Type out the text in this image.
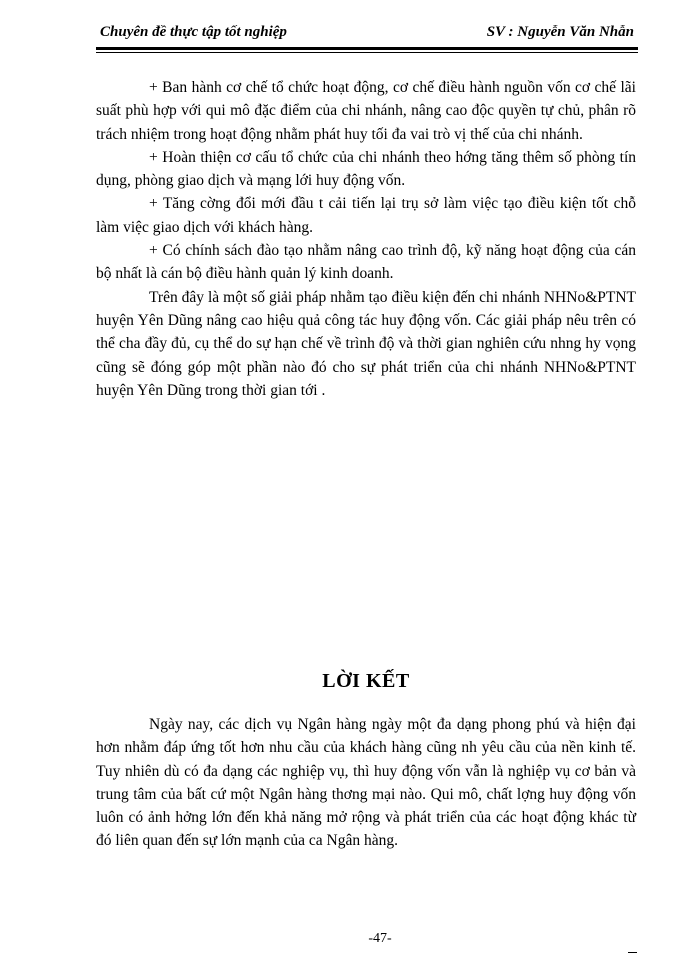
Chuyên đề thực tập tốt nghiệp	SV : Nguyễn Văn Nhẫn

+ Ban hành cơ chế tổ chức hoạt động, cơ chế điều hành nguồn vốn cơ chế lãi suất phù hợp với qui mô đặc điểm của chi nhánh, nâng cao độc quyền tự chủ, phân rõ trách nhiệm trong hoạt động nhằm phát huy tối đa vai trò vị thế của chi nhánh.

+ Hoàn thiện cơ cấu tổ chức của chi nhánh theo hớng tăng thêm số phòng tín dụng, phòng giao dịch và mạng lới huy động vốn.

+ Tăng cờng đổi mới đầu t cải tiến lại trụ sở làm việc tạo điều kiện tốt chỗ làm việc giao dịch với khách hàng.

+ Có chính sách đào tạo nhằm nâng cao trình độ, kỹ năng hoạt động của cán bộ nhất là cán bộ điều hành quản lý kinh doanh.

Trên đây là một số giải pháp nhằm tạo điều kiện đến chi nhánh NHNo&PTNT huyện Yên Dũng nâng cao hiệu quả công tác huy động vốn. Các giải pháp nêu trên có thể cha đầy đủ, cụ thể do sự hạn chế về trình độ và thời gian nghiên cứu nhng hy vọng cũng sẽ đóng góp một phần nào đó cho sự phát triển của chi nhánh NHNo&PTNT huyện Yên Dũng trong thời gian tới .

LỜI KẾT

Ngày nay, các dịch vụ Ngân hàng ngày một đa dạng phong phú và hiện đại hơn nhằm đáp ứng tốt hơn nhu cầu của khách hàng cũng nh yêu cầu của nền kinh tế. Tuy nhiên dù có đa dạng các nghiệp vụ, thì huy động vốn vẫn là nghiệp vụ cơ bản và trung tâm của bất cứ một Ngân hàng thơng mại nào. Qui mô, chất lợng huy động vốn luôn có ảnh hởng lớn đến khả năng mở rộng và phát triển của các hoạt động khác từ đó liên quan đến sự lớn mạnh của ca Ngân hàng.

-47-
